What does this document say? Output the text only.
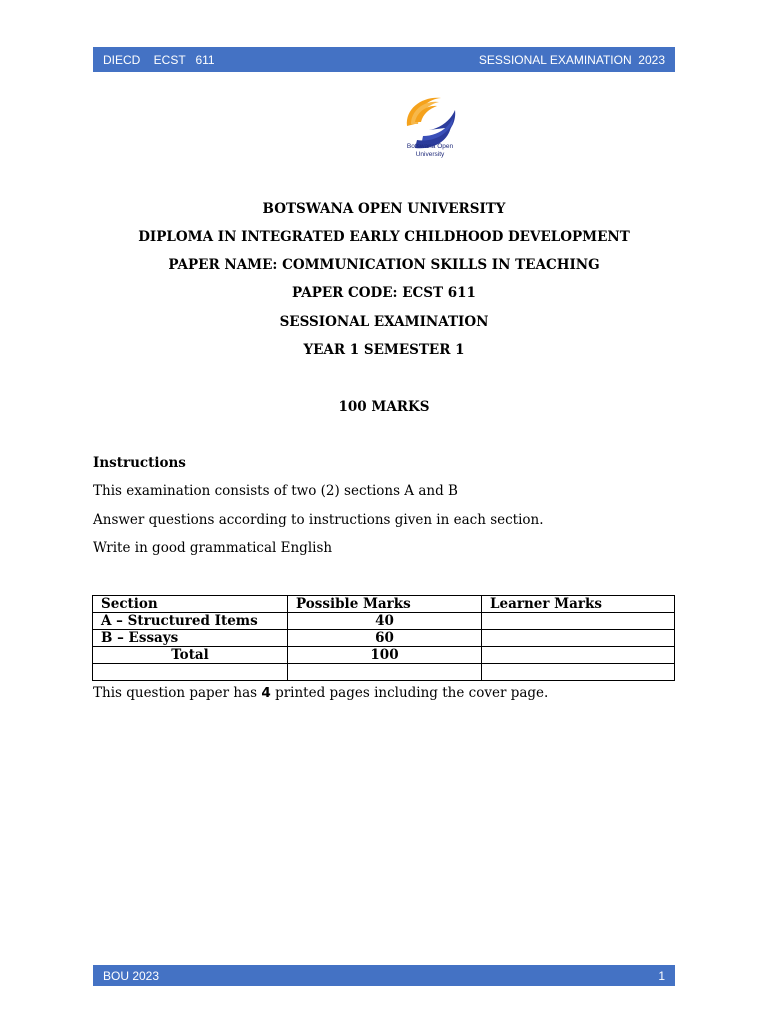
DIECD    ECST   611	SESSIONAL EXAMINATION  2023
Botswana Open
University
BOTSWANA OPEN UNIVERSITY
DIPLOMA IN INTEGRATED EARLY CHILDHOOD DEVELOPMENT
PAPER NAME: COMMUNICATION SKILLS IN TEACHING
PAPER CODE: ECST 611
SESSIONAL EXAMINATION
YEAR 1 SEMESTER 1
100 MARKS
Instructions
This examination consists of two (2) sections A and B
Answer questions according to instructions given in each section.
Write in good grammatical English
Section	Possible Marks	Learner Marks
A – Structured Items	40	
B – Essays	60	
Total	100	

This question paper has 4 printed pages including the cover page.
BOU 2023	1
